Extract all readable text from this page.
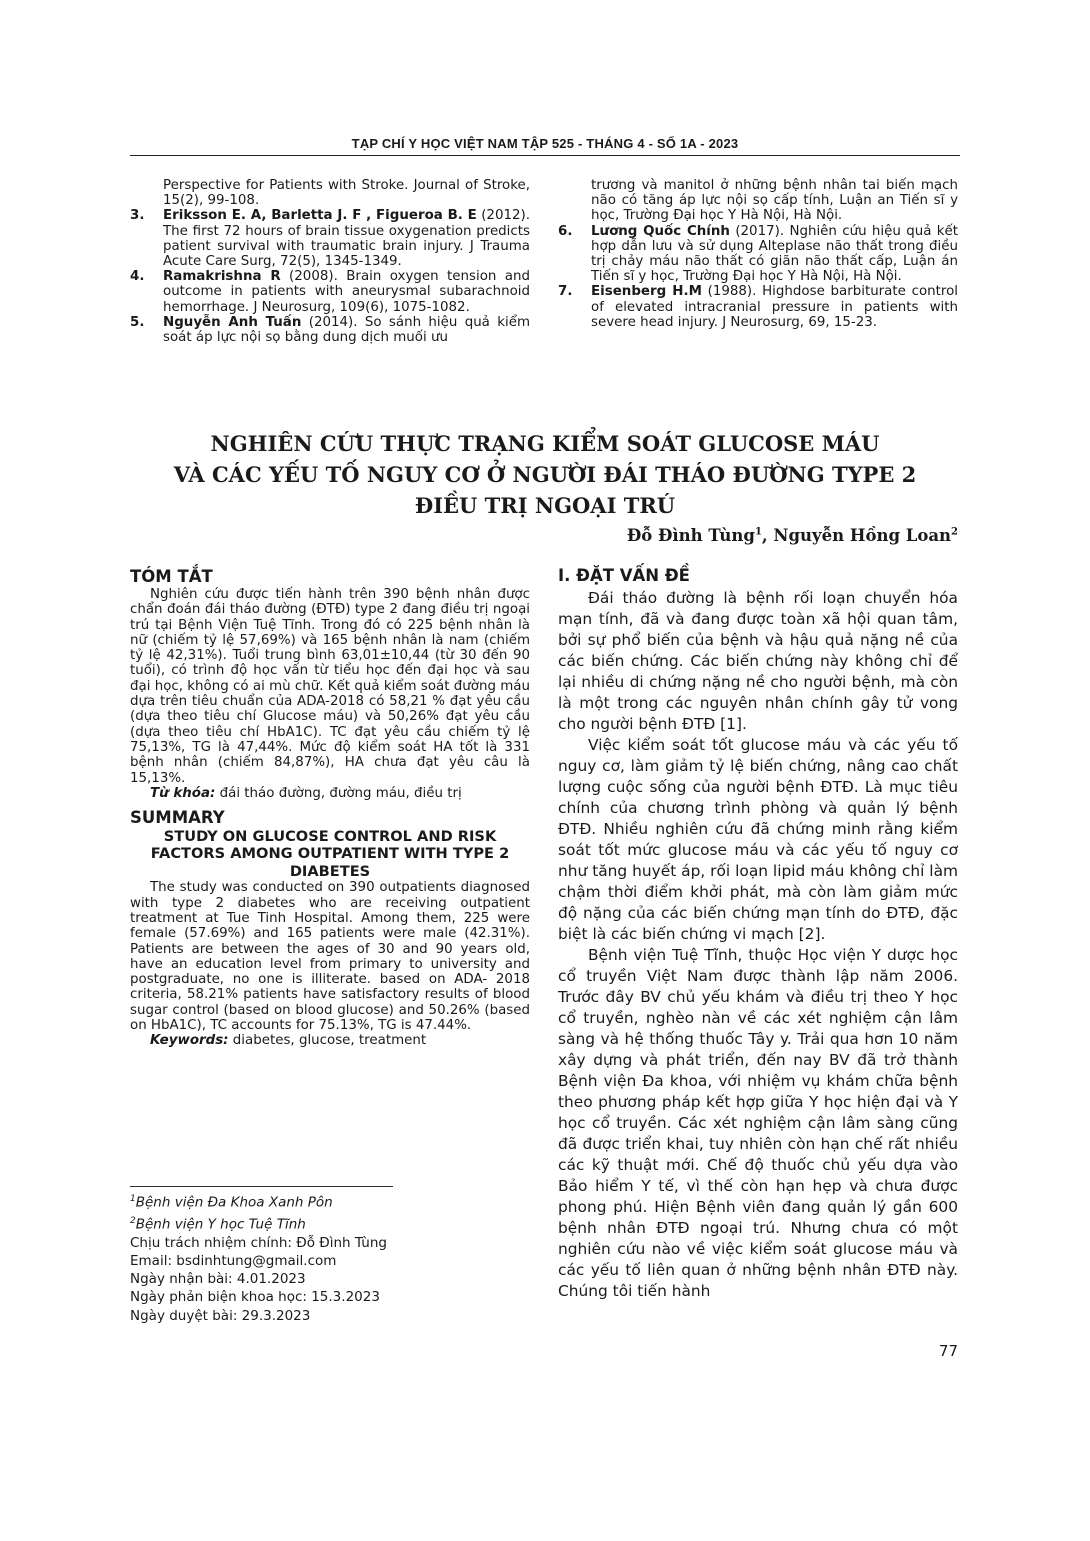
TẠP CHÍ Y HỌC VIỆT NAM TẬP 525 - THÁNG 4 - SỐ 1A - 2023
Perspective for Patients with Stroke. Journal of Stroke, 15(2), 99-108.
3. Eriksson E. A, Barletta J. F , Figueroa B. E (2012). The first 72 hours of brain tissue oxygenation predicts patient survival with traumatic brain injury. J Trauma Acute Care Surg, 72(5), 1345-1349.
4. Ramakrishna R (2008). Brain oxygen tension and outcome in patients with aneurysmal subarachnoid hemorrhage. J Neurosurg, 109(6), 1075-1082.
5. Nguyễn Anh Tuấn (2014). So sánh hiệu quả kiểm soát áp lực nội sọ bằng dung dịch muối ưu
trương và manitol ở những bệnh nhân tai biến mạch não có tăng áp lực nội sọ cấp tính, Luận an Tiến sĩ y học, Trường Đại học Y Hà Nội, Hà Nội.
6. Lương Quốc Chính (2017). Nghiên cứu hiệu quả kết hợp dẫn lưu và sử dụng Alteplase não thất trong điều trị chảy máu não thất có giãn não thất cấp, Luận án Tiến sĩ y học, Trường Đại học Y Hà Nội, Hà Nội.
7. Eisenberg H.M (1988). Highdose barbiturate control of elevated intracranial pressure in patients with severe head injury. J Neurosurg, 69, 15-23.
NGHIÊN CỨU THỰC TRẠNG KIỂM SOÁT GLUCOSE MÁU
VÀ CÁC YẾU TỐ NGUY CƠ Ở NGƯỜI ĐÁI THÁO ĐƯỜNG TYPE 2
ĐIỀU TRỊ NGOẠI TRÚ
Đỗ Đình Tùng$^1$, Nguyễn Hồng Loan$^2$
TÓM TẮT
Nghiên cứu được tiến hành trên 390 bệnh nhân được chẩn đoán đái tháo đường (ĐTĐ) type 2 đang điều trị ngoại trú tại Bệnh Viện Tuệ Tĩnh. Trong đó có 225 bệnh nhân là nữ (chiếm tỷ lệ 57,69%) và 165 bệnh nhân là nam (chiếm tỷ lệ 42,31%). Tuổi trung bình 63,01±10,44 (từ 30 đến 90 tuổi), có trình độ học vấn từ tiểu học đến đại học và sau đại học, không có ai mù chữ. Kết quả kiểm soát đường máu dựa trên tiêu chuẩn của ADA-2018 có 58,21 % đạt yêu cầu (dựa theo tiêu chí Glucose máu) và 50,26% đạt yêu cầu (dựa theo tiêu chí HbA1C). TC đạt yêu cầu chiếm tỷ lệ 75,13%, TG là 47,44%. Mức độ kiểm soát HA tốt là 331 bệnh nhân (chiếm 84,87%), HA chưa đạt yêu câu là 15,13%.
Từ khóa: đái tháo đường, đường máu, điều trị
SUMMARY
STUDY ON GLUCOSE CONTROL AND RISK FACTORS AMONG OUTPATIENT WITH TYPE 2 DIABETES
The study was conducted on 390 outpatients diagnosed with type 2 diabetes who are receiving outpatient treatment at Tue Tinh Hospital. Among them, 225 were female (57.69%) and 165 patients were male (42.31%). Patients are between the ages of 30 and 90 years old, have an education level from primary to university and postgraduate, no one is illiterate. based on ADA- 2018 criteria, 58.21% patients have satisfactory results of blood sugar control (based on blood glucose) and 50.26% (based on HbA1C), TC accounts for 75.13%, TG is 47.44%.
Keywords: diabetes, glucose, treatment
$^1$Bệnh viện Đa Khoa Xanh Pôn
$^2$Bệnh viện Y học Tuệ Tĩnh
Chịu trách nhiệm chính: Đỗ Đình Tùng
Email: bsdinhtung@gmail.com
Ngày nhận bài: 4.01.2023
Ngày phản biện khoa học: 15.3.2023
Ngày duyệt bài: 29.3.2023
I. ĐẶT VẤN ĐỀ
Đái tháo đường là bệnh rối loạn chuyển hóa mạn tính, đã và đang được toàn xã hội quan tâm, bởi sự phổ biến của bệnh và hậu quả nặng nề của các biến chứng. Các biến chứng này không chỉ để lại nhiều di chứng nặng nề cho người bệnh, mà còn là một trong các nguyên nhân chính gây tử vong cho người bệnh ĐTĐ [1].
Việc kiểm soát tốt glucose máu và các yếu tố nguy cơ, làm giảm tỷ lệ biến chứng, nâng cao chất lượng cuộc sống của người bệnh ĐTĐ. Là mục tiêu chính của chương trình phòng và quản lý bệnh ĐTĐ. Nhiều nghiên cứu đã chứng minh rằng kiểm soát tốt mức glucose máu và các yếu tố nguy cơ như tăng huyết áp, rối loạn lipid máu không chỉ làm chậm thời điểm khởi phát, mà còn làm giảm mức độ nặng của các biến chứng mạn tính do ĐTĐ, đặc biệt là các biến chứng vi mạch [2].
Bệnh viện Tuệ Tĩnh, thuộc Học viện Y dược học cổ truyền Việt Nam được thành lập năm 2006. Trước đây BV chủ yếu khám và điều trị theo Y học cổ truyền, nghèo nàn về các xét nghiệm cận lâm sàng và hệ thống thuốc Tây y. Trải qua hơn 10 năm xây dựng và phát triển, đến nay BV đã trở thành Bệnh viện Đa khoa, với nhiệm vụ khám chữa bệnh theo phương pháp kết hợp giữa Y học hiện đại và Y học cổ truyền. Các xét nghiệm cận lâm sàng cũng đã được triển khai, tuy nhiên còn hạn chế rất nhiều các kỹ thuật mới. Chế độ thuốc chủ yếu dựa vào Bảo hiểm Y tế, vì thế còn hạn hẹp và chưa được phong phú. Hiện Bệnh viên đang quản lý gần 600 bệnh nhân ĐTĐ ngoại trú. Nhưng chưa có một nghiên cứu nào về việc kiểm soát glucose máu và các yếu tố liên quan ở những bệnh nhân ĐTĐ này. Chúng tôi tiến hành
77
